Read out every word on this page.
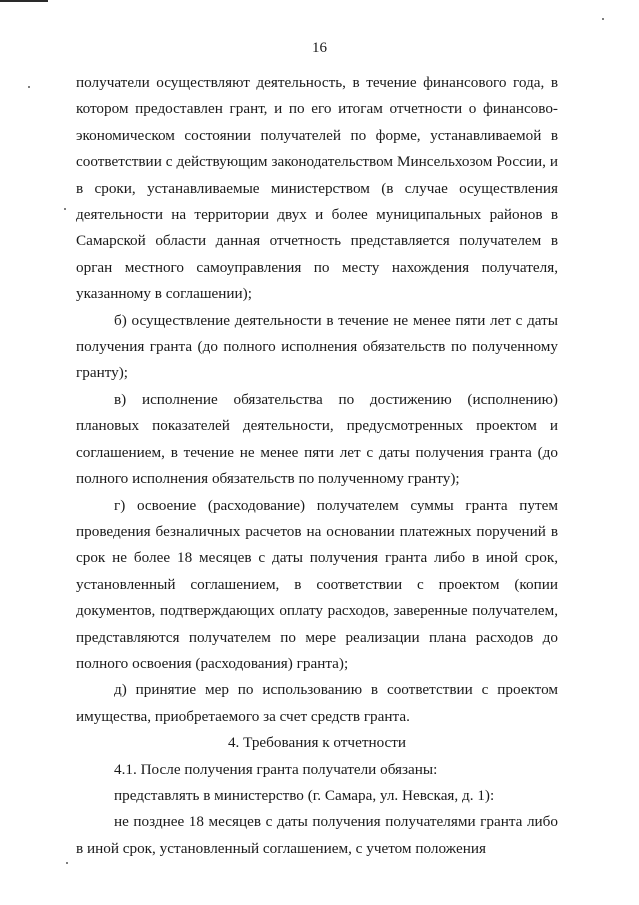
16

получатели осуществляют деятельность, в течение финансового года, в котором предоставлен грант, и по его итогам отчетности о финансово-экономическом состоянии получателей по форме, устанавливаемой в соответствии с действующим законодательством Минсельхозом России, и в сроки, устанавливаемые министерством (в случае осуществления деятельности на территории двух и более муниципальных районов в Самарской области данная отчетность представляется получателем в орган местного самоуправления по месту нахождения получателя, указанному в соглашении);

б) осуществление деятельности в течение не менее пяти лет с даты получения гранта (до полного исполнения обязательств по полученному гранту);

в) исполнение обязательства по достижению (исполнению) плановых показателей деятельности, предусмотренных проектом и соглашением, в течение не менее пяти лет с даты получения гранта (до полного исполнения обязательств по полученному гранту);

г) освоение (расходование) получателем суммы гранта путем проведения безналичных расчетов на основании платежных поручений в срок не более 18 месяцев с даты получения гранта либо в иной срок, установленный соглашением, в соответствии с проектом (копии документов, подтверждающих оплату расходов, заверенные получателем, представляются получателем по мере реализации плана расходов до полного освоения (расходования) гранта);

д) принятие мер по использованию в соответствии с проектом имущества, приобретаемого за счет средств гранта.

4. Требования к отчетности

4.1. После получения гранта получатели обязаны:

представлять в министерство (г. Самара, ул. Невская, д. 1):

не позднее 18 месяцев с даты получения получателями гранта либо в иной срок, установленный соглашением, с учетом положения
